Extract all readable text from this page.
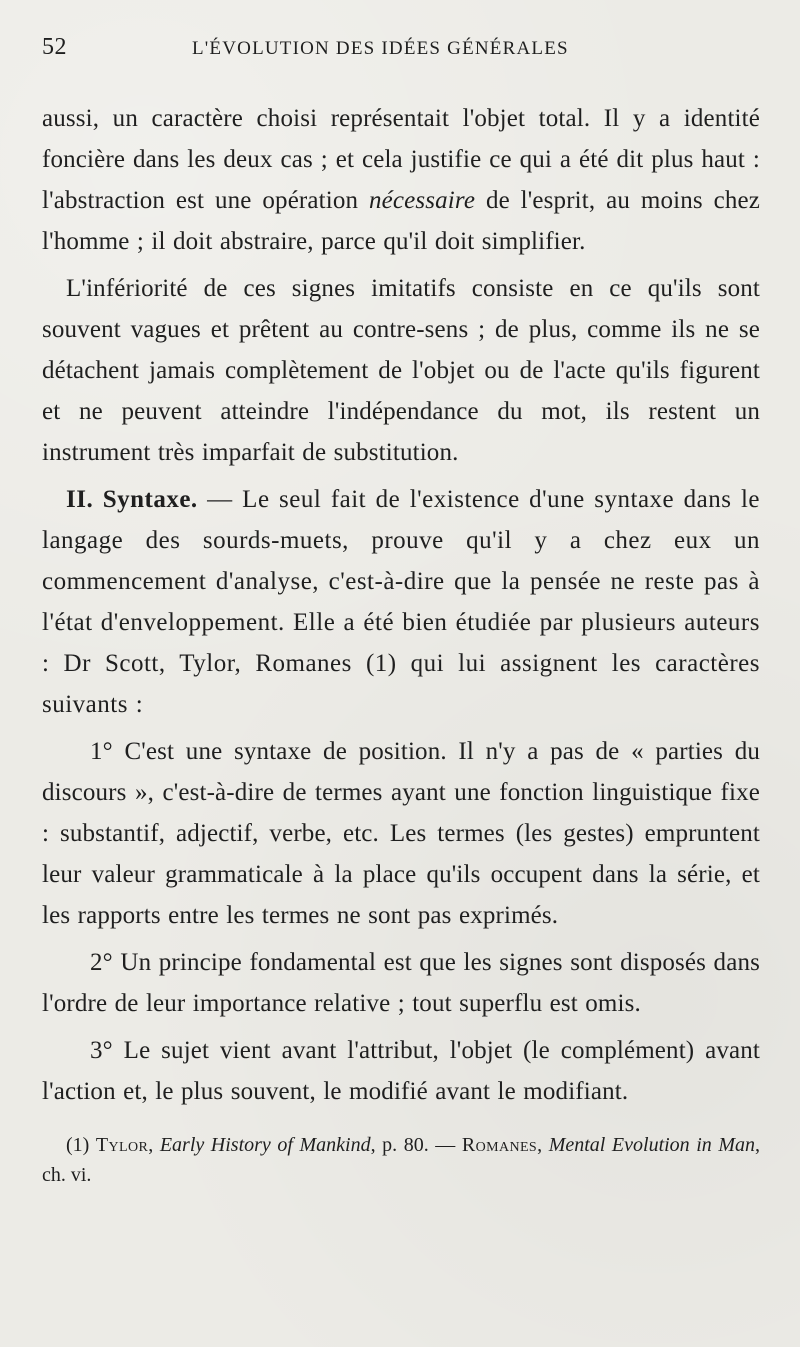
52	L'ÉVOLUTION DES IDÉES GÉNÉRALES

aussi, un caractère choisi représentait l'objet total. Il y a identité foncière dans les deux cas ; et cela justifie ce qui a été dit plus haut : l'abstraction est une opération nécessaire de l'esprit, au moins chez l'homme ; il doit abstraire, parce qu'il doit simplifier.

L'infériorité de ces signes imitatifs consiste en ce qu'ils sont souvent vagues et prêtent au contre-sens ; de plus, comme ils ne se détachent jamais complètement de l'objet ou de l'acte qu'ils figurent et ne peuvent atteindre l'indépendance du mot, ils restent un instrument très imparfait de substitution.

II. Syntaxe. — Le seul fait de l'existence d'une syntaxe dans le langage des sourds-muets, prouve qu'il y a chez eux un commencement d'analyse, c'est-à-dire que la pensée ne reste pas à l'état d'enveloppement. Elle a été bien étudiée par plusieurs auteurs : Dr Scott, Tylor, Romanes (1) qui lui assignent les caractères suivants :

1° C'est une syntaxe de position. Il n'y a pas de « parties du discours », c'est-à-dire de termes ayant une fonction linguistique fixe : substantif, adjectif, verbe, etc. Les termes (les gestes) empruntent leur valeur grammaticale à la place qu'ils occupent dans la série, et les rapports entre les termes ne sont pas exprimés.

2° Un principe fondamental est que les signes sont disposés dans l'ordre de leur importance relative ; tout superflu est omis.

3° Le sujet vient avant l'attribut, l'objet (le complément) avant l'action et, le plus souvent, le modifié avant le modifiant.

(1) Tylor, Early History of Mankind, p. 80. — Romanes, Mental Evolution in Man, ch. vi.
